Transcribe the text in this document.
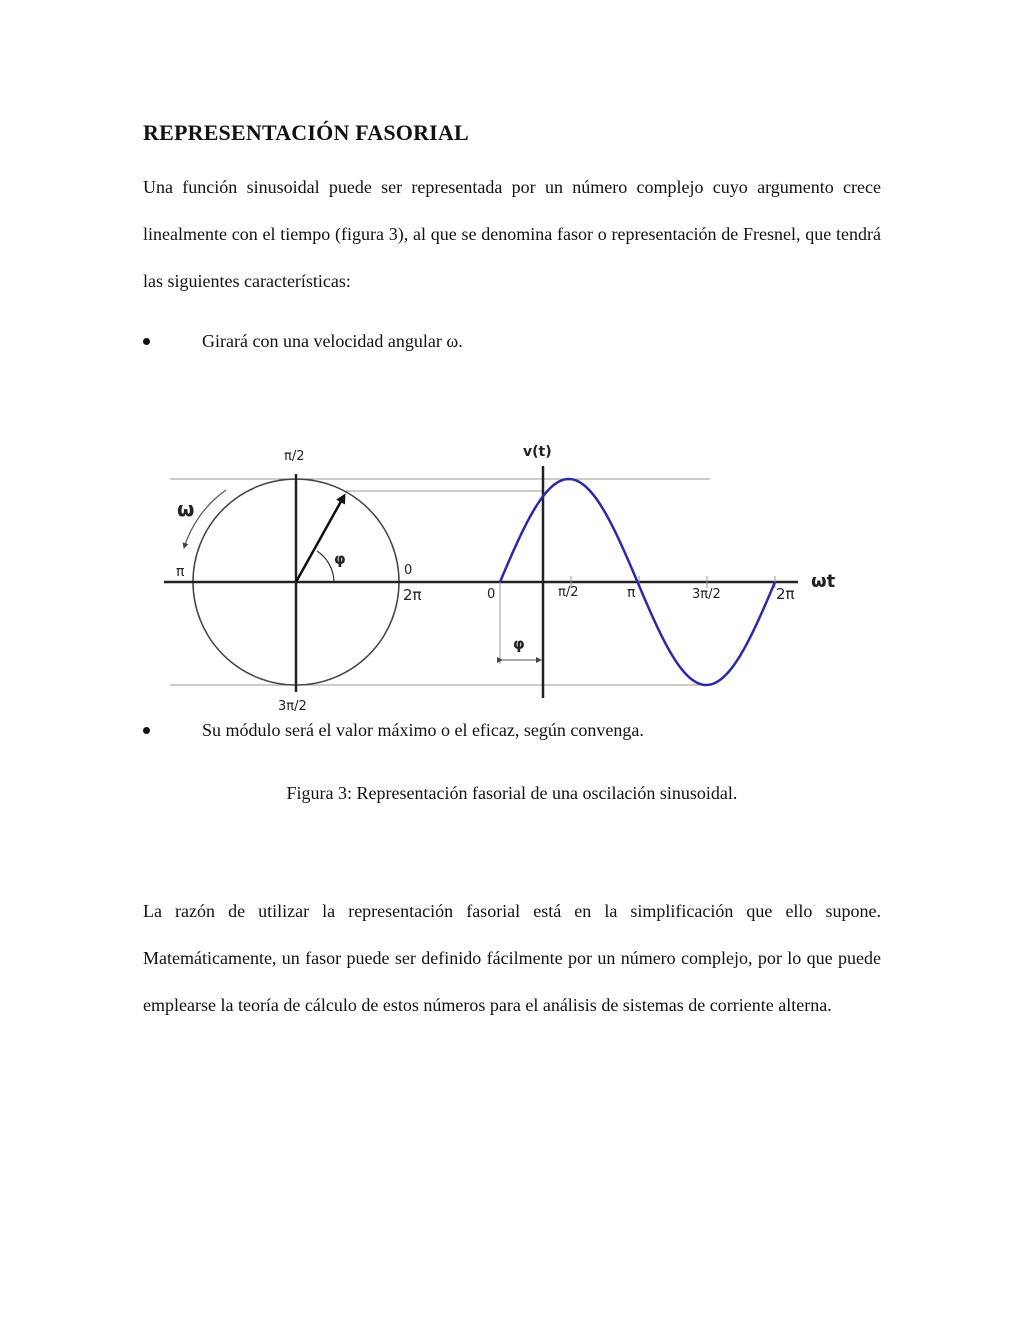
REPRESENTACIÓN FASORIAL

Una función sinusoidal puede ser representada por un número complejo cuyo argumento crece linealmente con el tiempo (figura 3), al que se denomina fasor o representación de Fresnel, que tendrá las siguientes características:

Girará con una velocidad angular ω.
π/2
π	0
2π
3π/2
ω
φ
v(t)
ωt
0	π/2	π	3π/2	2π
φ
Su módulo será el valor máximo o el eficaz, según convenga.
Figura 3: Representación fasorial de una oscilación sinusoidal.

La razón de utilizar la representación fasorial está en la simplificación que ello supone. Matemáticamente, un fasor puede ser definido fácilmente por un número complejo, por lo que puede emplearse la teoría de cálculo de estos números para el análisis de sistemas de corriente alterna.
